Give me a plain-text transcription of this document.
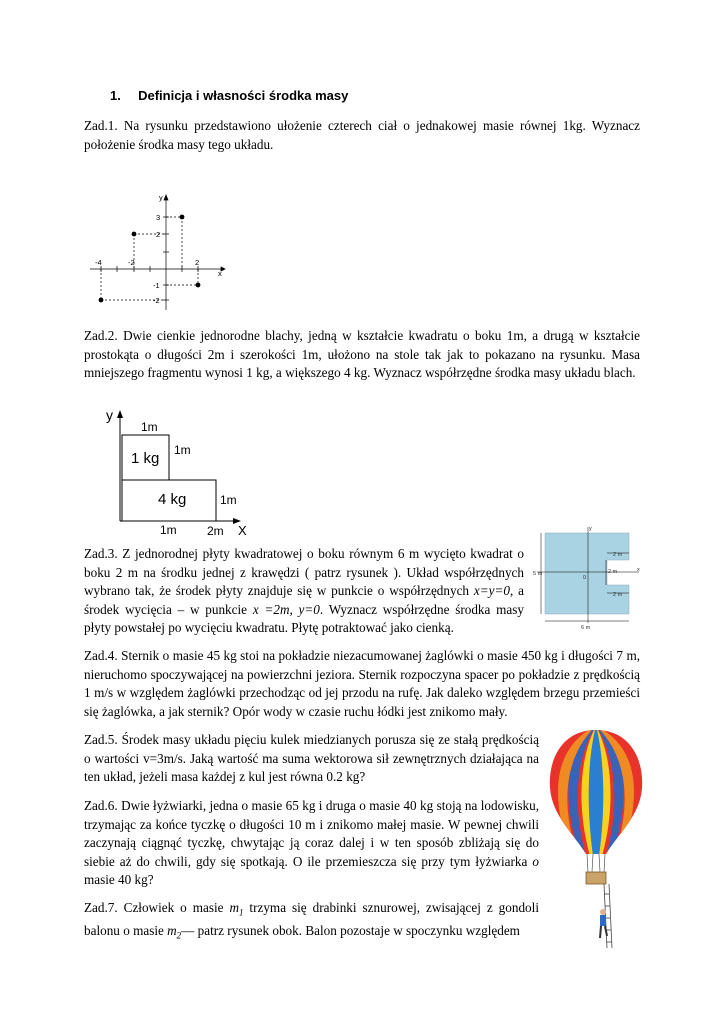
1. Definicja i własności środka masy
Zad.1. Na rysunku przedstawiono ułożenie czterech ciał o jednakowej masie równej 1kg. Wyznacz położenie środka masy tego układu.
y
x
-4	-2	2
3
2
-1
-2
Zad.2. Dwie cienkie jednorodne blachy, jedną w kształcie kwadratu o boku 1m, a drugą w kształcie prostokąta o długości 2m i szerokości 1m, ułożono na stole tak jak to pokazano na rysunku. Masa mniejszego fragmentu wynosi 1 kg, a większego 4 kg. Wyznacz współrzędne środka masy układu blach.
y
1m
1m
1 kg
4 kg	1m
1m	2m X
Zad.3. Z jednorodnej płyty kwadratowej o boku równym 6 m wycięto kwadrat o boku 2 m na środku jednej z krawędzi ( patrz rysunek ). Układ współrzędnych wybrano tak, że środek płyty znajduje się w punkcie o współrzędnych x=y=0, a środek wycięcia – w punkcie x =2m, y=0. Wyznacz współrzędne środka masy płyty powstałej po wycięciu kwadratu. Płytę potraktować jako cienką.
y
x
5 m
6 m
2 m
2 m
2 m
0
Zad.4. Sternik o masie 45 kg stoi na pokładzie niezacumowanej żaglówki o masie 450 kg i długości 7 m, nieruchomo spoczywającej na powierzchni jeziora. Sternik rozpoczyna spacer po pokładzie z prędkością 1 m/s w względem żaglówki przechodząc od jej przodu na rufę. Jak daleko względem brzegu przemieści się żaglówka, a jak sternik? Opór wody w czasie ruchu łódki jest znikomo mały.
Zad.5. Środek masy układu pięciu kulek miedzianych porusza się ze stałą prędkością o wartości v=3m/s. Jaką wartość ma suma wektorowa sił zewnętrznych działająca na ten układ, jeżeli masa każdej z kul jest równa 0.2 kg?
Zad.6. Dwie łyżwiarki, jedna o masie 65 kg i druga o masie 40 kg stoją na lodowisku, trzymając za końce tyczkę o długości 10 m i znikomo małej masie. W pewnej chwili zaczynają ciągnąć tyczkę, chwytając ją coraz dalej i w ten sposób zbliżają się do siebie aż do chwili, gdy się spotkają. O ile przemieszcza się przy tym łyżwiarka o masie 40 kg?
Zad.7. Człowiek o masie $m_1$ trzyma się drabinki sznurowej, zwisającej z gondoli balonu o masie $m_2—$ patrz rysunek obok. Balon pozostaje w spoczynku względem
